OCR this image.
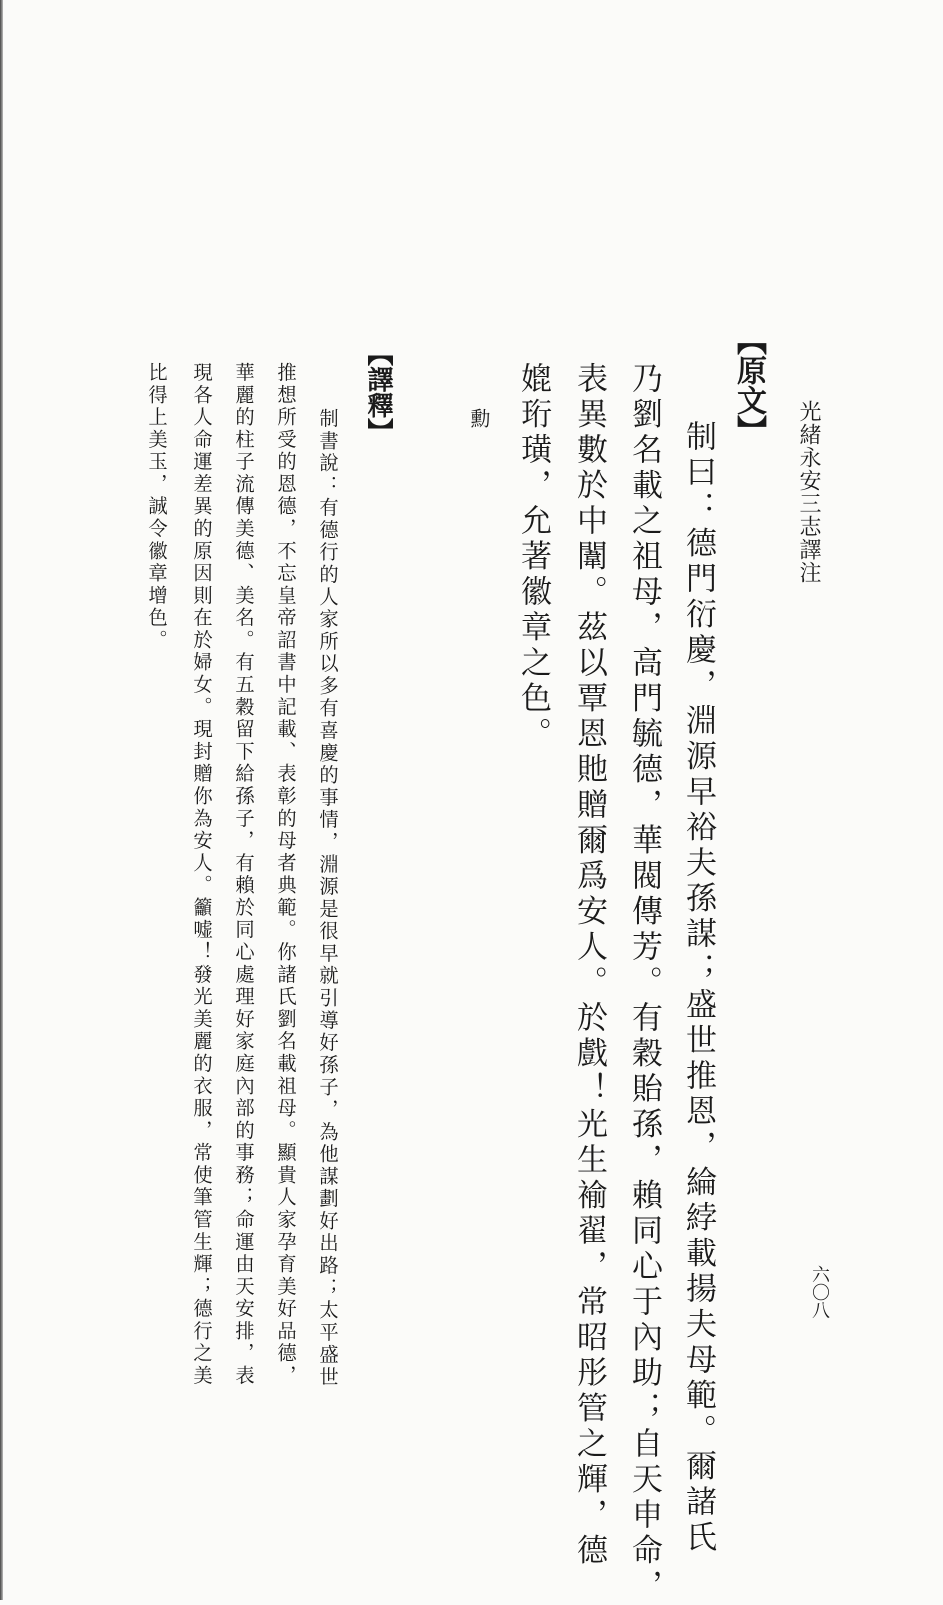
光緒永安三志譯注
六〇八
【原文】
制曰：德門衍慶，淵源早裕夫孫謀；盛世推恩，綸綍載揚夫母範。爾諸氏
乃劉名載之祖母，高門毓德，華閥傳芳。有穀貽孫，賴同心于內助；自天申命，
表異數於中闈。茲以覃恩貤贈爾爲安人。於戲！光生褕翟，常昭彤管之輝，德
媲珩璜，允著徽章之色。
勳
【譯釋】
制書說：有德行的人家所以多有喜慶的事情，淵源是很早就引導好孫子，為他謀劃好出路；太平盛世
推想所受的恩德，不忘皇帝詔書中記載、表彰的母者典範。你諸氏劉名載祖母。顯貴人家孕育美好品德，
華麗的柱子流傳美德、美名。有五穀留下給孫子，有賴於同心處理好家庭內部的事務；命運由天安排，表
現各人命運差異的原因則在於婦女。現封贈你為安人。籲嘘！發光美麗的衣服，常使筆管生輝；德行之美
比得上美玉，誠令徽章增色。
